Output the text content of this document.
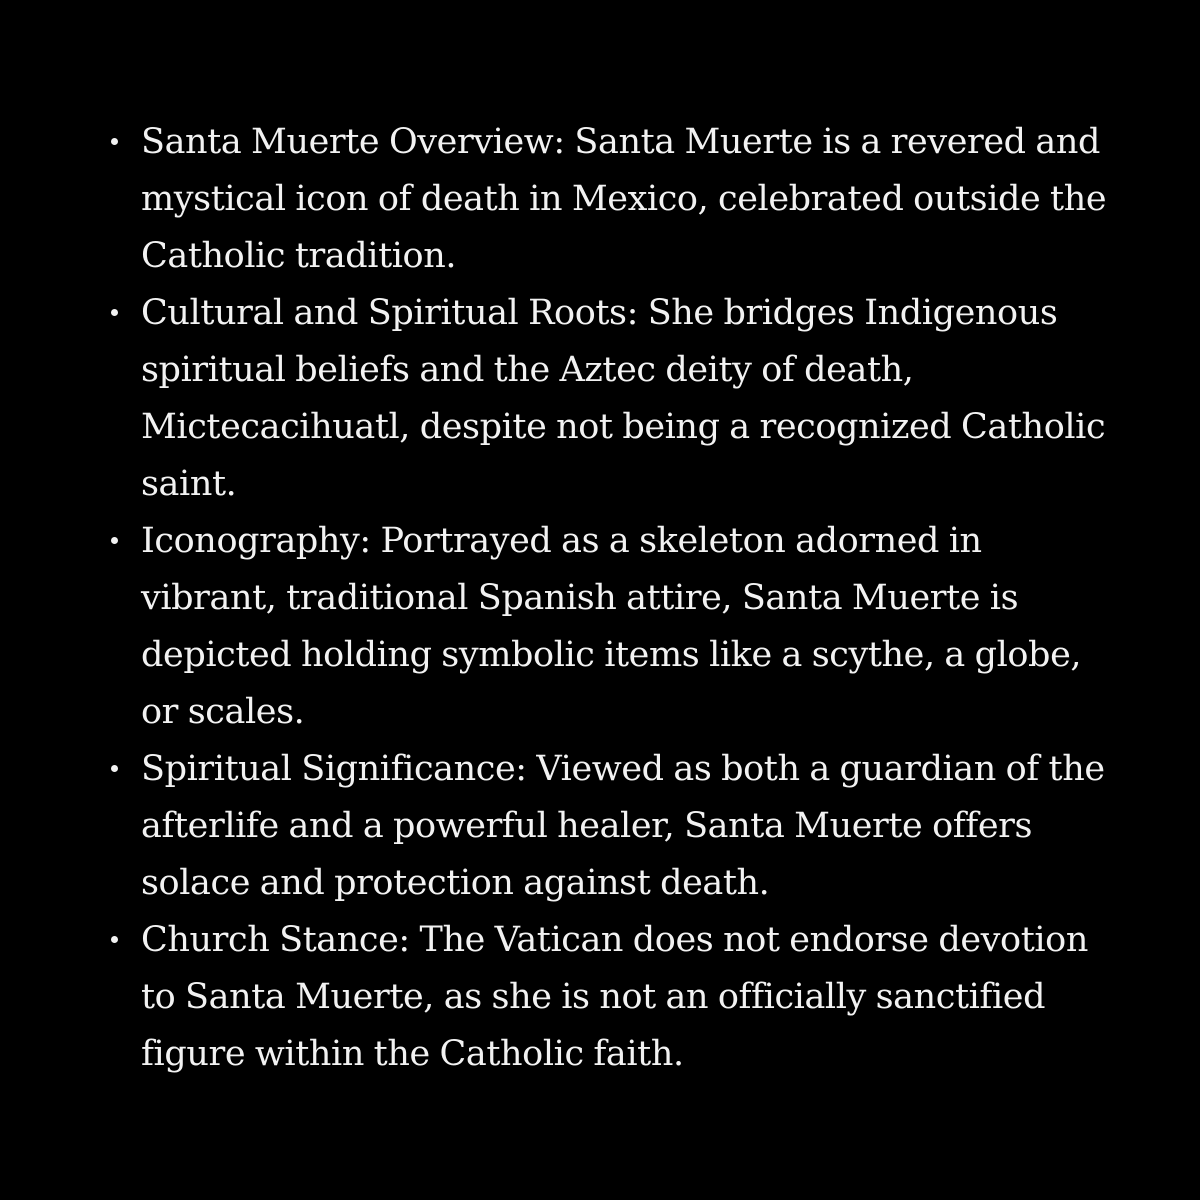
Santa Muerte Overview: Santa Muerte is a revered and mystical icon of death in Mexico, celebrated outside the Catholic tradition.
Cultural and Spiritual Roots: She bridges Indigenous spiritual beliefs and the Aztec deity of death, Mictecacihuatl, despite not being a recognized Catholic saint.
Iconography: Portrayed as a skeleton adorned in vibrant, traditional Spanish attire, Santa Muerte is depicted holding symbolic items like a scythe, a globe, or scales.
Spiritual Significance: Viewed as both a guardian of the afterlife and a powerful healer, Santa Muerte offers solace and protection against death.
Church Stance: The Vatican does not endorse devotion to Santa Muerte, as she is not an officially sanctified figure within the Catholic faith.
